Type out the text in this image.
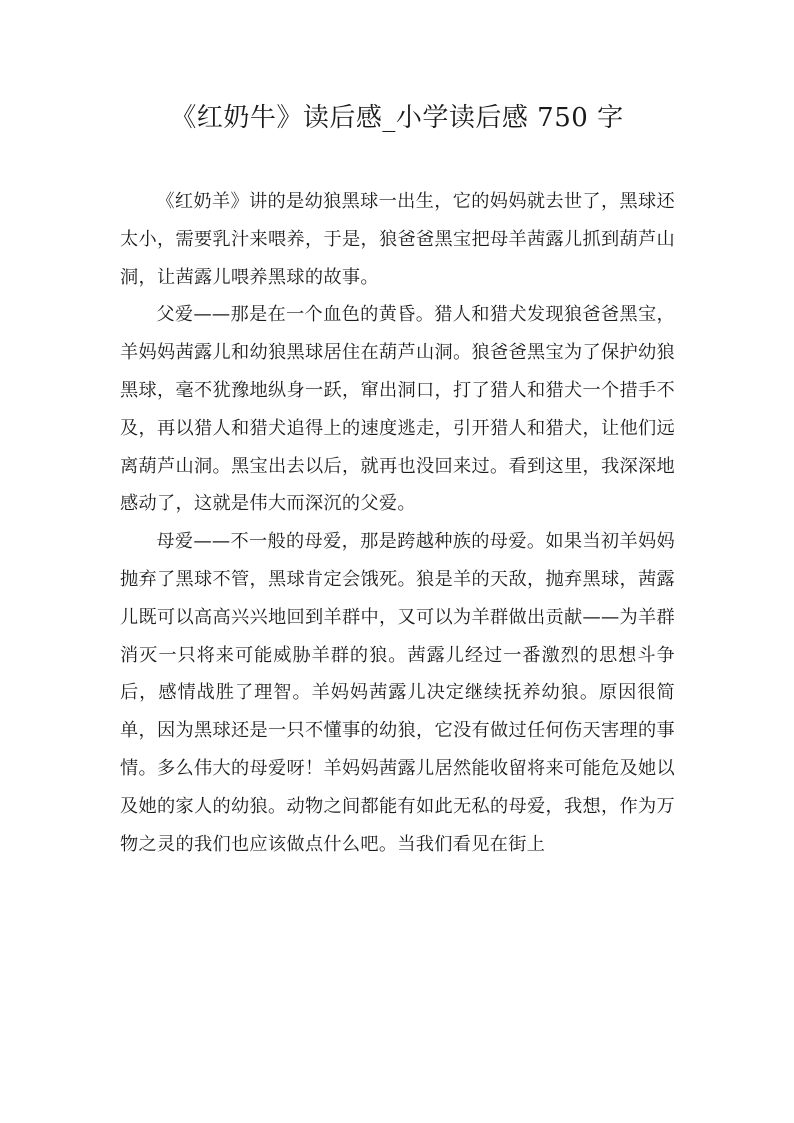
《红奶牛》读后感_小学读后感 750 字

《红奶羊》讲的是幼狼黑球一出生，它的妈妈就去世了，黑球还太小，需要乳汁来喂养，于是，狼爸爸黑宝把母羊茜露儿抓到葫芦山洞，让茜露儿喂养黑球的故事。

父爱——那是在一个血色的黄昏。猎人和猎犬发现狼爸爸黑宝，羊妈妈茜露儿和幼狼黑球居住在葫芦山洞。狼爸爸黑宝为了保护幼狼黑球，毫不犹豫地纵身一跃，窜出洞口，打了猎人和猎犬一个措手不及，再以猎人和猎犬追得上的速度逃走，引开猎人和猎犬，让他们远离葫芦山洞。黑宝出去以后，就再也没回来过。看到这里，我深深地感动了，这就是伟大而深沉的父爱。

母爱——不一般的母爱，那是跨越种族的母爱。如果当初羊妈妈抛弃了黑球不管，黑球肯定会饿死。狼是羊的天敌，抛弃黑球，茜露儿既可以高高兴兴地回到羊群中，又可以为羊群做出贡献——为羊群消灭一只将来可能威胁羊群的狼。茜露儿经过一番激烈的思想斗争后，感情战胜了理智。羊妈妈茜露儿决定继续抚养幼狼。原因很简单，因为黑球还是一只不懂事的幼狼，它没有做过任何伤天害理的事情。多么伟大的母爱呀！羊妈妈茜露儿居然能收留将来可能危及她以及她的家人的幼狼。动物之间都能有如此无私的母爱，我想，作为万物之灵的我们也应该做点什么吧。当我们看见在街上
